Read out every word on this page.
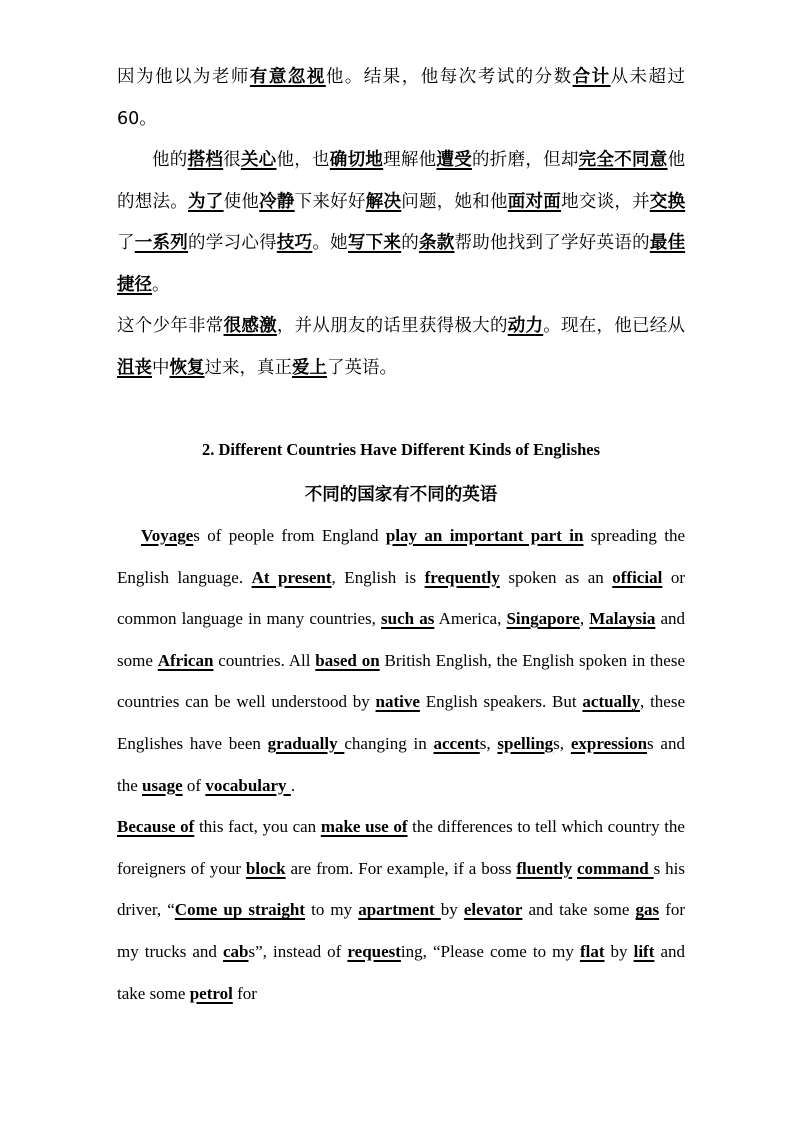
因为他以为老师有意忽视他。结果，他每次考试的分数合计从未超过 60。

他的搭档很关心他，也确切地理解他遭受的折磨，但却完全不同意他的想法。为了使他冷静下来好好解决问题，她和他面对面地交谈，并交换了一系列的学习心得技巧。她写下来的条款帮助他找到了学好英语的最佳捷径。

这个少年非常很感激，并从朋友的话里获得极大的动力。现在，他已经从沮丧中恢复过来，真正爱上了英语。

2. Different Countries Have Different Kinds of Englishes

不同的国家有不同的英语

Voyages of people from England play an important part in spreading the English language. At present, English is frequently spoken as an official or common language in many countries, such as America, Singapore, Malaysia and some African countries. All based on British English, the English spoken in these countries can be well understood by native English speakers. But actually, these Englishes have been gradually changing in accents, spellings, expressions and the usage of vocabulary .

Because of this fact, you can make use of the differences to tell which country the foreigners of your block are from. For example, if a boss fluently command s his driver, “Come up straight to my apartment by elevator and take some gas for my trucks and cabs”, instead of requesting, “Please come to my flat by lift and take some petrol for
